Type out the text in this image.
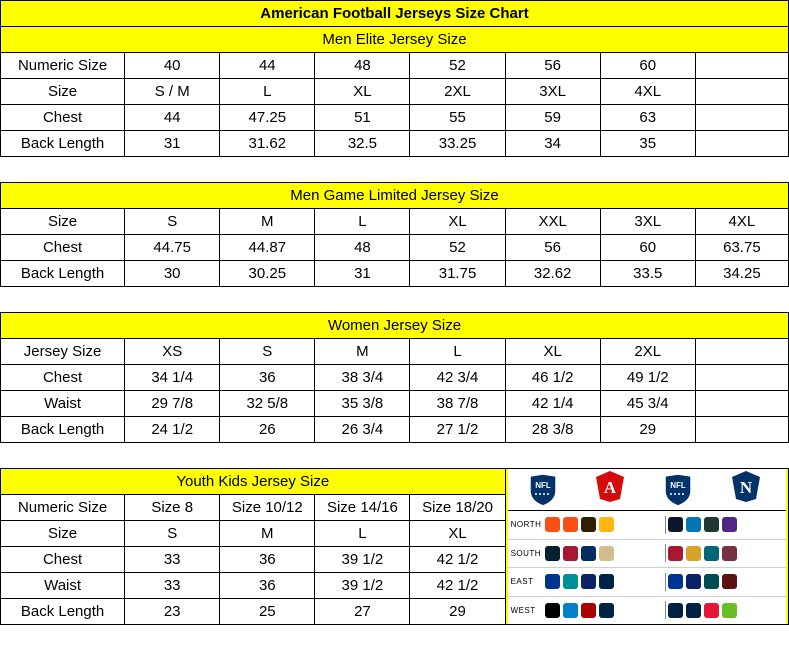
American Football Jerseys Size Chart							
Men Elite Jersey Size							
Numeric Size	40	44	48	52	56	60	
Size	S / M	L	XL	2XL	3XL	4XL	
Chest	44	47.25	51	55	59	63	
Back Length	31	31.62	32.5	33.25	34	35	

Men Game Limited Jersey Size							
Size	S	M	L	XL	XXL	3XL	4XL
Chest	44.75	44.87	48	52	56	60	63.75
Back Length	30	30.25	31	31.75	32.62	33.5	34.25

Women Jersey Size							
Jersey Size	XS	S	M	L	XL	2XL	
Chest	34 1/4	36	38 3/4	42 3/4	46 1/2	49 1/2	
Waist	29 7/8	32 5/8	35 3/8	38 7/8	42 1/4	45 3/4	
Back Length	24 1/2	26	26 3/4	27 1/2	28 3/8	29	

Youth Kids Jersey Size	NFL	A	NFL	N
NORTH
SOUTH
EAST
WEST

Numeric Size	Size 8	Size 10/12	Size 14/16	Size 18/20			
Size	S	M	L	XL			
Chest	33	36	39 1/2	42 1/2			
Waist	33	36	39 1/2	42 1/2			
Back Length	23	25	27	29			
